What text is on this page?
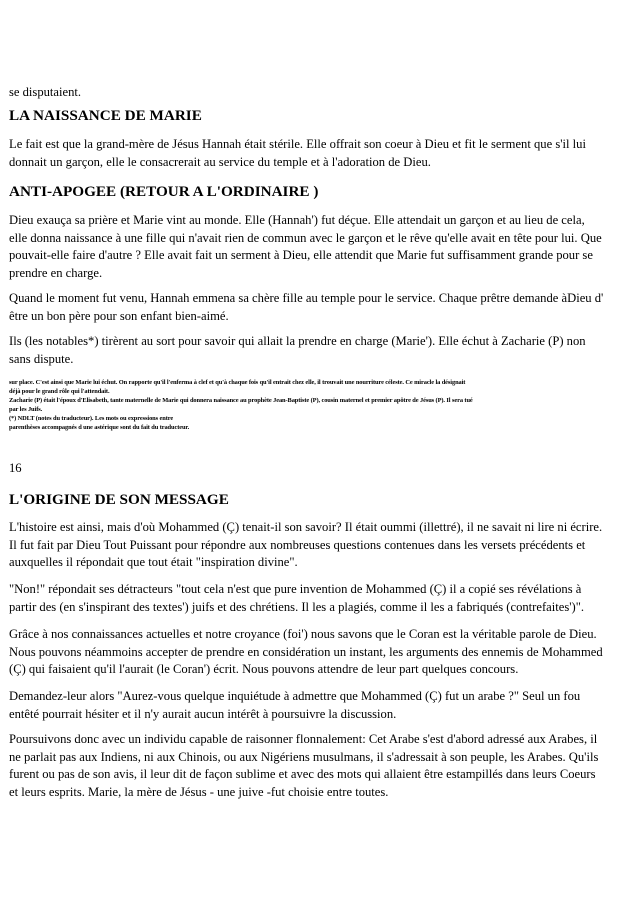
se disputaient.
LA NAISSANCE DE MARIE
Le fait est que la grand-mère de Jésus Hannah était stérile. Elle offrait son coeur à Dieu et fit le serment que s'il lui
donnait un garçon, elle le consacrerait au service du temple et à l'adoration de Dieu.
ANTI-APOGEE (RETOUR A L'ORDINAIRE )
Dieu exauça sa prière et Marie vint au monde. Elle (Hannah') fut déçue. Elle attendait un garçon et au lieu de cela,
elle donna naissance à une fille qui n'avait rien de commun avec le garçon et le rêve qu'elle avait en tête pour lui. Que
pouvait-elle faire d'autre ? Elle avait fait un serment à Dieu, elle attendit que Marie fut suffisamment grande pour se
prendre en charge.
Quand le moment fut venu, Hannah emmena sa chère fille au temple pour le service. Chaque prêtre demande àDieu d'
être un bon père pour son enfant bien-aimé.
Ils (les notables*) tirèrent au sort pour savoir qui allait la prendre en charge (Marie'). Elle échut à Zacharie (P) non
sans dispute.
sur place. C'est ainsi que Marie lui échut. On rapporte qu'il l'enferma à clef et qu'à chaque fois qu'il entrait chez elle, il trouvait une nourriture céleste. Ce miracle la désignait
déjà pour le grand rôle qui l'attendait.
Zacharie (P) était l'époux d'Elisabeth, tante maternelle de Marie qui donnera naissance au prophète Jean-Baptiste (P), cousin maternel et premier apôtre de Jésus (P). Il sera tué
par les Juifs.
(*) NDLT (notes du traducteur). Les mots ou expressions entre
parenthèses accompagnés d une astérique sont du fait du traducteur.
16
L'ORIGINE DE SON MESSAGE
L'histoire est ainsi, mais d'où Mohammed (Ç) tenait-il son savoir? Il était oummi (illettré), il ne savait ni lire ni écrire.
Il fut fait par Dieu Tout Puissant pour répondre aux nombreuses questions contenues dans les versets précédents et
auxquelles il répondait que tout était "inspiration divine".
"Non!" répondait ses détracteurs "tout cela n'est que pure invention de Mohammed (Ç) il a copié ses révélations à
partir des (en s'inspirant des textes') juifs et des chrétiens. Il les a plagiés, comme il les a fabriqués (contrefaites')".
Grâce à nos connaissances actuelles et notre croyance (foi') nous savons que le Coran est la véritable parole de Dieu.
Nous pouvons néammoins accepter de prendre en considération un instant, les arguments des ennemis de Mohammed
(Ç) qui faisaient qu'il l'aurait (le Coran') écrit. Nous pouvons attendre de leur part quelques concours.
Demandez-leur alors "Aurez-vous quelque inquiétude à admettre que Mohammed (Ç) fut un arabe ?" Seul un fou
entêté pourrait hésiter et il n'y aurait aucun intérêt à poursuivre la discussion.
Poursuivons donc avec un individu capable de raisonner flonnalement: Cet Arabe s'est d'abord adressé aux Arabes, il
ne parlait pas aux Indiens, ni aux Chinois, ou aux Nigériens musulmans, il s'adressait à son peuple, les Arabes. Qu'ils
furent ou pas de son avis, il leur dit de façon sublime et avec des mots qui allaient être estampillés dans leurs Coeurs
et leurs esprits. Marie, la mère de Jésus - une juive -fut choisie entre toutes.
